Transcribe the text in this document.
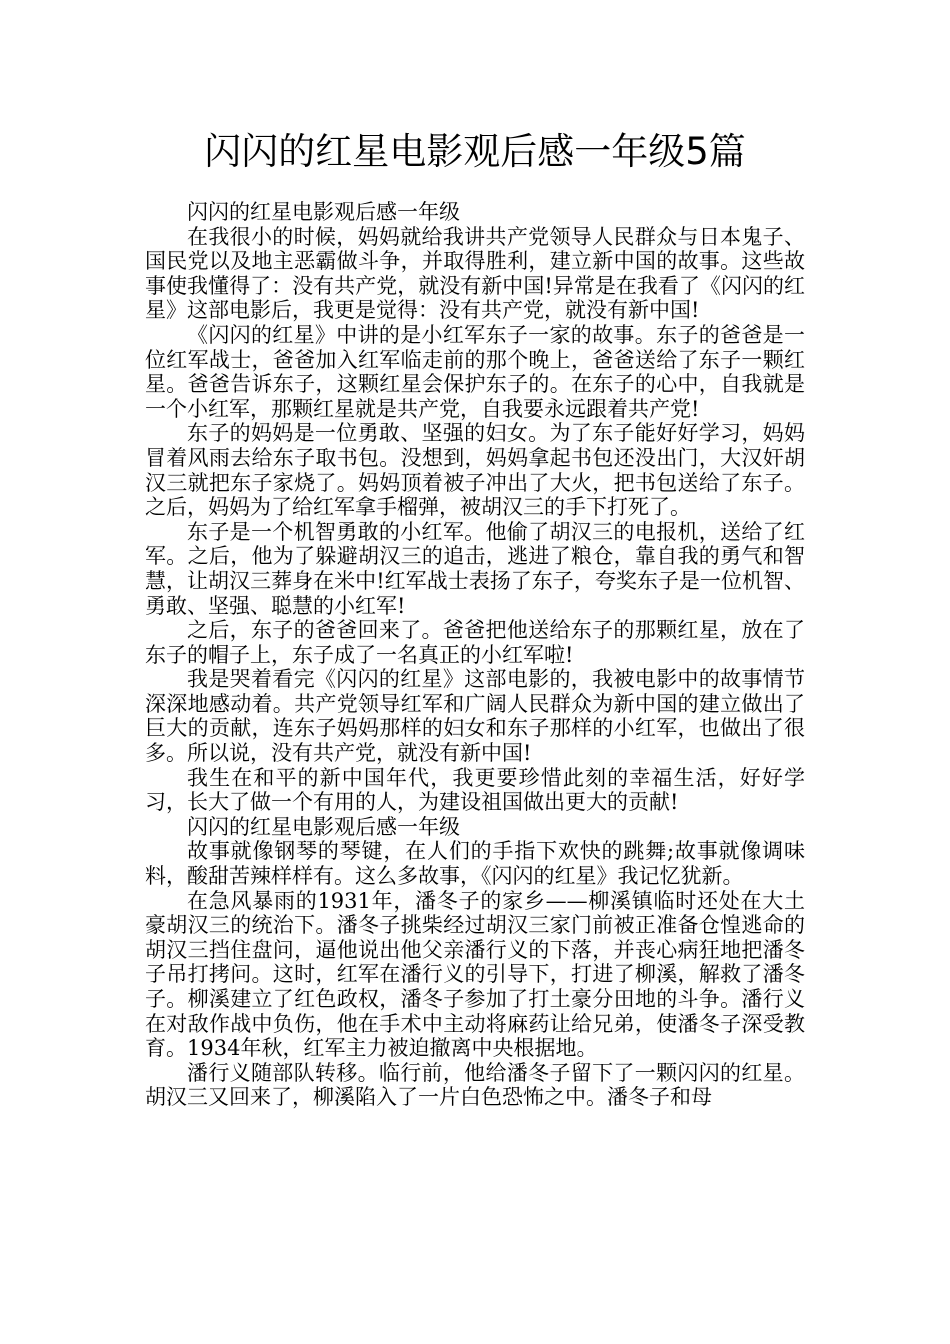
闪闪的红星电影观后感一年级5篇

闪闪的红星电影观后感一年级

在我很小的时候，妈妈就给我讲共产党领导人民群众与日本鬼子、国民党以及地主恶霸做斗争，并取得胜利，建立新中国的故事。这些故事使我懂得了：没有共产党，就没有新中国!异常是在我看了《闪闪的红星》这部电影后，我更是觉得：没有共产党，就没有新中国!

《闪闪的红星》中讲的是小红军东子一家的故事。东子的爸爸是一位红军战士，爸爸加入红军临走前的那个晚上，爸爸送给了东子一颗红星。爸爸告诉东子，这颗红星会保护东子的。在东子的心中，自我就是一个小红军，那颗红星就是共产党，自我要永远跟着共产党!

东子的妈妈是一位勇敢、坚强的妇女。为了东子能好好学习，妈妈冒着风雨去给东子取书包。没想到，妈妈拿起书包还没出门，大汉奸胡汉三就把东子家烧了。妈妈顶着被子冲出了大火，把书包送给了东子。之后，妈妈为了给红军拿手榴弹，被胡汉三的手下打死了。

东子是一个机智勇敢的小红军。他偷了胡汉三的电报机，送给了红军。之后，他为了躲避胡汉三的追击，逃进了粮仓，靠自我的勇气和智慧，让胡汉三葬身在米中!红军战士表扬了东子，夸奖东子是一位机智、勇敢、坚强、聪慧的小红军!

之后，东子的爸爸回来了。爸爸把他送给东子的那颗红星，放在了东子的帽子上，东子成了一名真正的小红军啦!

我是哭着看完《闪闪的红星》这部电影的，我被电影中的故事情节深深地感动着。共产党领导红军和广阔人民群众为新中国的建立做出了巨大的贡献，连东子妈妈那样的妇女和东子那样的小红军，也做出了很多。所以说，没有共产党，就没有新中国!

我生在和平的新中国年代，我更要珍惜此刻的幸福生活，好好学习，长大了做一个有用的人，为建设祖国做出更大的贡献!

闪闪的红星电影观后感一年级

故事就像钢琴的琴键，在人们的手指下欢快的跳舞;故事就像调味料，酸甜苦辣样样有。这么多故事，《闪闪的红星》我记忆犹新。

在急风暴雨的1931年，潘冬子的家乡——柳溪镇临时还处在大土豪胡汉三的统治下。潘冬子挑柴经过胡汉三家门前被正准备仓惶逃命的胡汉三挡住盘问，逼他说出他父亲潘行义的下落，并丧心病狂地把潘冬子吊打拷问。这时，红军在潘行义的引导下，打进了柳溪，解救了潘冬子。柳溪建立了红色政权，潘冬子参加了打土豪分田地的斗争。潘行义在对敌作战中负伤，他在手术中主动将麻药让给兄弟，使潘冬子深受教育。1934年秋，红军主力被迫撤离中央根据地。

潘行义随部队转移。临行前，他给潘冬子留下了一颗闪闪的红星。胡汉三又回来了，柳溪陷入了一片白色恐怖之中。潘冬子和母
